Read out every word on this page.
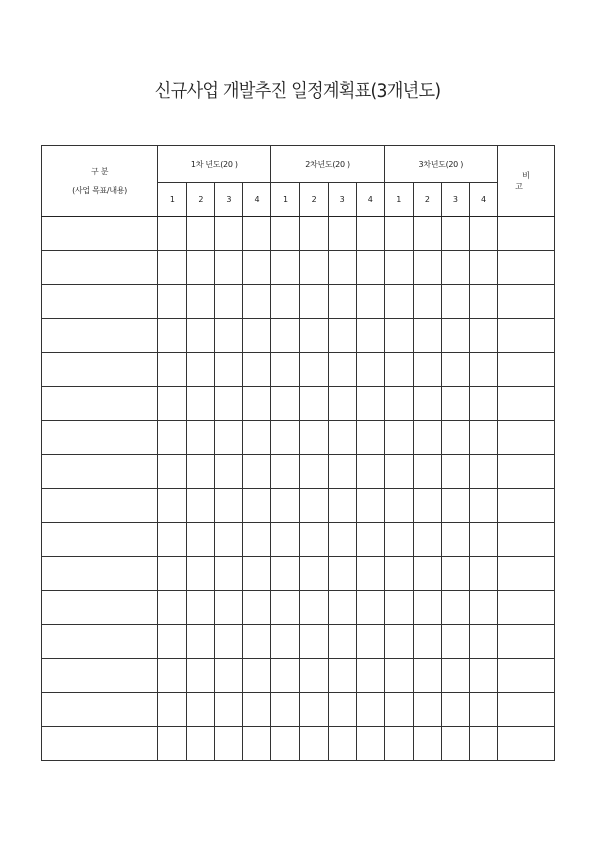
신규사업 개발추진 일정계획표(3개년도)
구 분
(사업 목표/내용)	1차 년도(20 )				2차년도(20 )				3차년도(20 )				비 고
	1	2	3	4	1	2	3	4	1	2	3	4	
